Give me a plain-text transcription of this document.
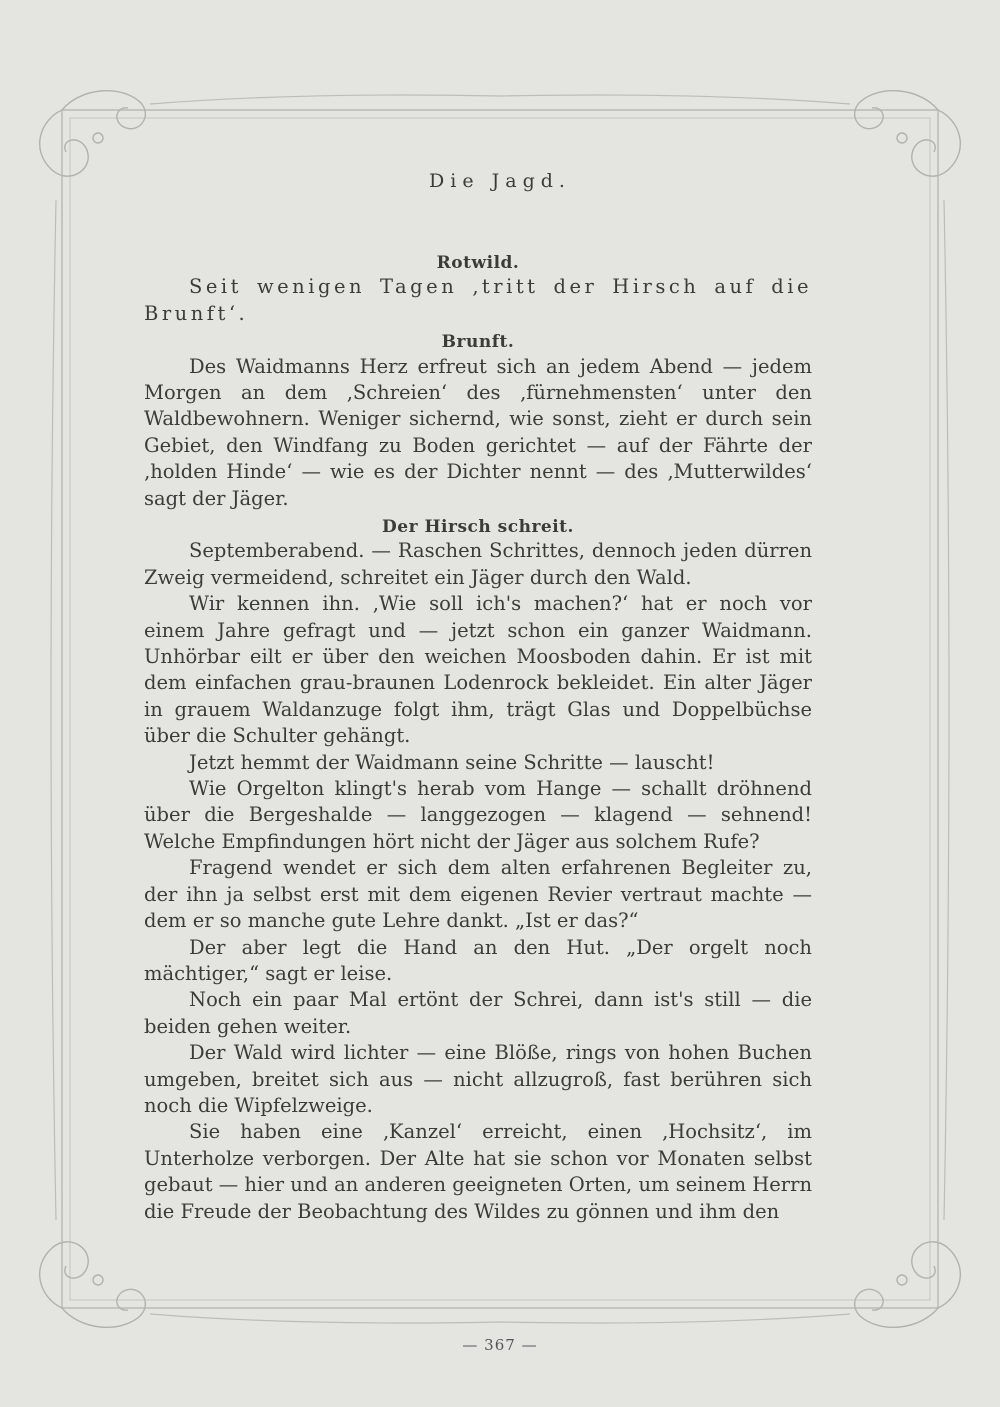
Die Jagd.
Rotwild.

Seit wenigen Tagen ‚tritt der Hirsch auf die Brunft‘.

Brunft.

Des Waidmanns Herz erfreut sich an jedem Abend — jedem Morgen an dem ‚Schreien‘ des ‚fürnehmensten‘ unter den Waldbewohnern. Weniger sichernd, wie sonst, zieht er durch sein Gebiet, den Windfang zu Boden gerichtet — auf der Fährte der ‚holden Hinde‘ — wie es der Dichter nennt — des ‚Mutterwildes‘ sagt der Jäger.

Der Hirsch schreit.

Septemberabend. — Raschen Schrittes, dennoch jeden dürren Zweig vermeidend, schreitet ein Jäger durch den Wald.

Wir kennen ihn. ‚Wie soll ich's machen?‘ hat er noch vor einem Jahre gefragt und — jetzt schon ein ganzer Waidmann. Unhörbar eilt er über den weichen Moosboden dahin. Er ist mit dem einfachen grau-braunen Lodenrock bekleidet. Ein alter Jäger in grauem Waldanzuge folgt ihm, trägt Glas und Doppelbüchse über die Schulter gehängt.

Jetzt hemmt der Waidmann seine Schritte — lauscht!

Wie Orgelton klingt's herab vom Hange — schallt dröhnend über die Bergeshalde — langgezogen — klagend — sehnend! Welche Empfindungen hört nicht der Jäger aus solchem Rufe?

Fragend wendet er sich dem alten erfahrenen Begleiter zu, der ihn ja selbst erst mit dem eigenen Revier vertraut machte — dem er so manche gute Lehre dankt. „Ist er das?“

Der aber legt die Hand an den Hut. „Der orgelt noch mächtiger,“ sagt er leise.

Noch ein paar Mal ertönt der Schrei, dann ist's still — die beiden gehen weiter.

Der Wald wird lichter — eine Blöße, rings von hohen Buchen umgeben, breitet sich aus — nicht allzugroß, fast berühren sich noch die Wipfelzweige.

Sie haben eine ‚Kanzel‘ erreicht, einen ‚Hochsitz‘, im Unterholze verborgen. Der Alte hat sie schon vor Monaten selbst gebaut — hier und an anderen geeigneten Orten, um seinem Herrn die Freude der Beobachtung des Wildes zu gönnen und ihm den

— 367 —
